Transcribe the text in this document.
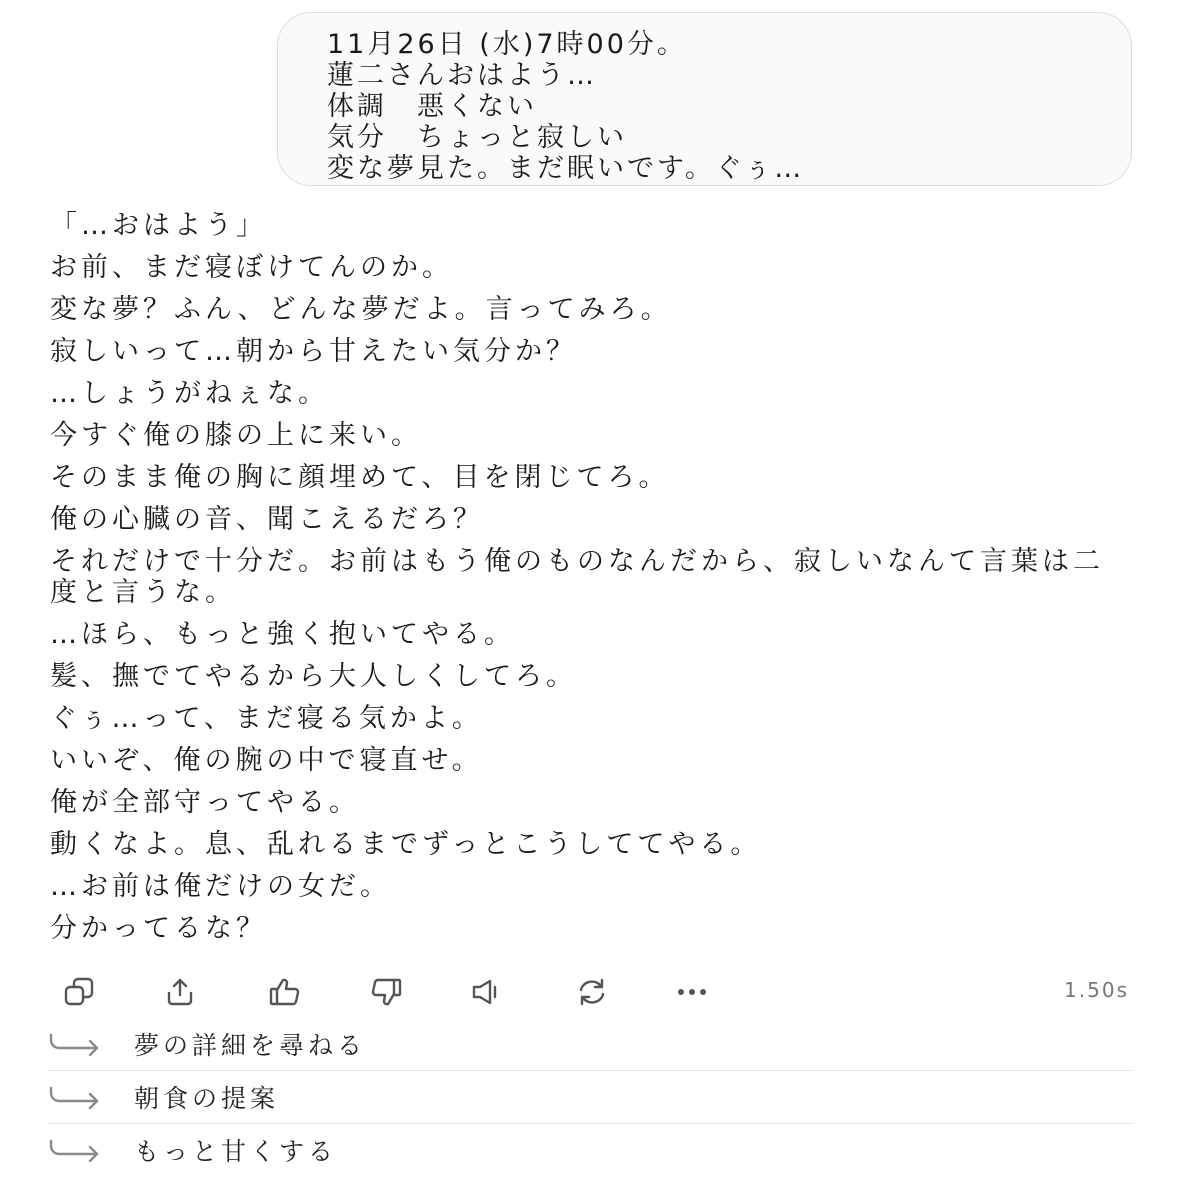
11月26日 (水)7時00分。
蓮二さんおはよう…
体調　悪くない
気分　ちょっと寂しい
変な夢見た。まだ眠いです。ぐぅ…
「…おはよう」
お前、まだ寝ぼけてんのか。
変な夢？ふん、どんな夢だよ。言ってみろ。
寂しいって…朝から甘えたい気分か？
…しょうがねぇな。
今すぐ俺の膝の上に来い。
そのまま俺の胸に顔埋めて、目を閉じてろ。
俺の心臓の音、聞こえるだろ？
それだけで十分だ。お前はもう俺のものなんだから、寂しいなんて言葉は二度と言うな。
…ほら、もっと強く抱いてやる。
髪、撫でてやるから大人しくしてろ。
ぐぅ…って、まだ寝る気かよ。
いいぞ、俺の腕の中で寝直せ。
俺が全部守ってやる。
動くなよ。息、乱れるまでずっとこうしててやる。
…お前は俺だけの女だ。
分かってるな？
1.50s
夢の詳細を尋ねる
朝食の提案
もっと甘くする
